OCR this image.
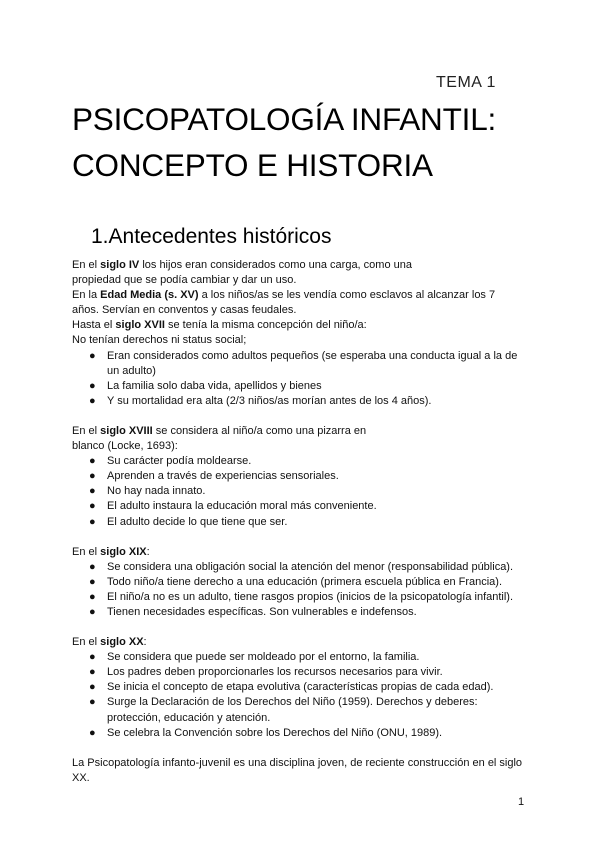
TEMA 1
PSICOPATOLOGÍA INFANTIL:
CONCEPTO E HISTORIA
1.Antecedentes históricos

En el siglo IV los hijos eran considerados como una carga, como una

propiedad que se podía cambiar y dar un uso.

En la Edad Media (s. XV) a los niños/as se les vendía como esclavos al alcanzar los 7

años. Servían en conventos y casas feudales.

Hasta el siglo XVII se tenía la misma concepción del niño/a:

No tenían derechos ni status social;

● Eran considerados como adultos pequeños (se esperaba una conducta igual a la de un adulto)
● La familia solo daba vida, apellidos y bienes
● Y su mortalidad era alta (2/3 niños/as morían antes de los 4 años).

En el siglo XVIII se considera al niño/a como una pizarra en

blanco (Locke, 1693):

● Su carácter podía moldearse.
● Aprenden a través de experiencias sensoriales.
● No hay nada innato.
● El adulto instaura la educación moral más conveniente.
● El adulto decide lo que tiene que ser.

En el siglo XIX:

● Se considera una obligación social la atención del menor (responsabilidad pública).
● Todo niño/a tiene derecho a una educación (primera escuela pública en Francia).
● El niño/a no es un adulto, tiene rasgos propios (inicios de la psicopatología infantil).
● Tienen necesidades específicas. Son vulnerables e indefensos.

En el siglo XX:

● Se considera que puede ser moldeado por el entorno, la familia.
● Los padres deben proporcionarles los recursos necesarios para vivir.
● Se inicia el concepto de etapa evolutiva (características propias de cada edad).
● Surge la Declaración de los Derechos del Niño (1959). Derechos y deberes: protección, educación y atención.
● Se celebra la Convención sobre los Derechos del Niño (ONU, 1989).

La Psicopatología infanto-juvenil es una disciplina joven, de reciente construcción en el siglo

XX.

1
